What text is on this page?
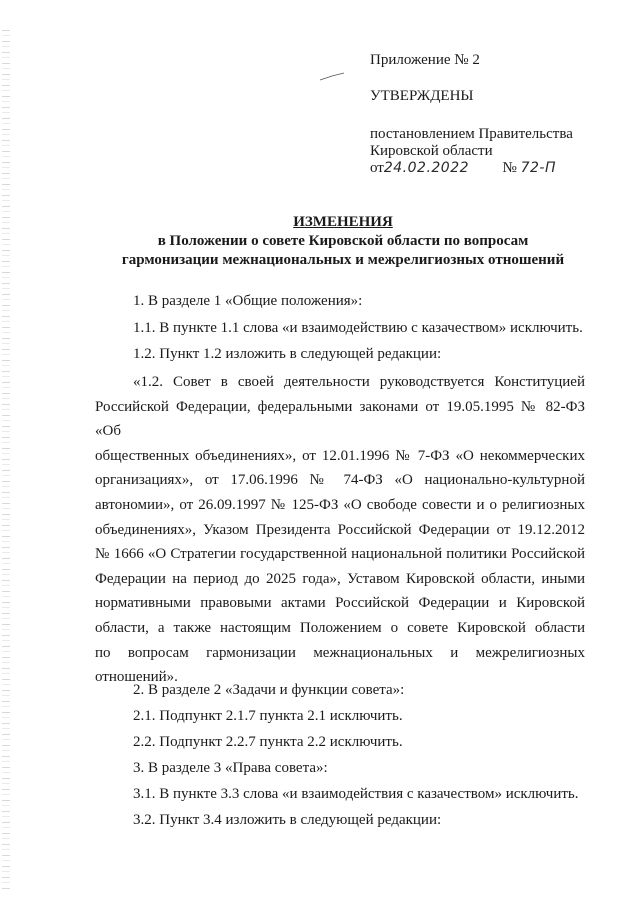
Приложение № 2
УТВЕРЖДЕНЫ
постановлением Правительства
Кировской области
от24.02.2022 № 72-П
ИЗМЕНЕНИЯ
в Положении о совете Кировской области по вопросам
гармонизации межнациональных и межрелигиозных отношений
1. В разделе 1 «Общие положения»:
1.1. В пункте 1.1 слова «и взаимодействию с казачеством» исключить.
1.2. Пункт 1.2 изложить в следующей редакции:
«1.2. Совет в своей деятельности руководствуется Конституцией
Российской Федерации, федеральными законами от 19.05.1995 № 82-ФЗ «Об
общественных объединениях», от 12.01.1996 № 7-ФЗ «О некоммерческих
организациях», от 17.06.1996 № 74-ФЗ «О национально-культурной
автономии», от 26.09.1997 № 125-ФЗ «О свободе совести и о религиозных
объединениях», Указом Президента Российской Федерации от 19.12.2012
№ 1666 «О Стратегии государственной национальной политики Российской
Федерации на период до 2025 года», Уставом Кировской области, иными
нормативными правовыми актами Российской Федерации и Кировской
области, а также настоящим Положением о совете Кировской области
по вопросам гармонизации межнациональных и межрелигиозных
отношений».
2. В разделе 2 «Задачи и функции совета»:
2.1. Подпункт 2.1.7 пункта 2.1 исключить.
2.2. Подпункт 2.2.7 пункта 2.2 исключить.
3. В разделе 3 «Права совета»:
3.1. В пункте 3.3 слова «и взаимодействия с казачеством» исключить.
3.2. Пункт 3.4 изложить в следующей редакции:
